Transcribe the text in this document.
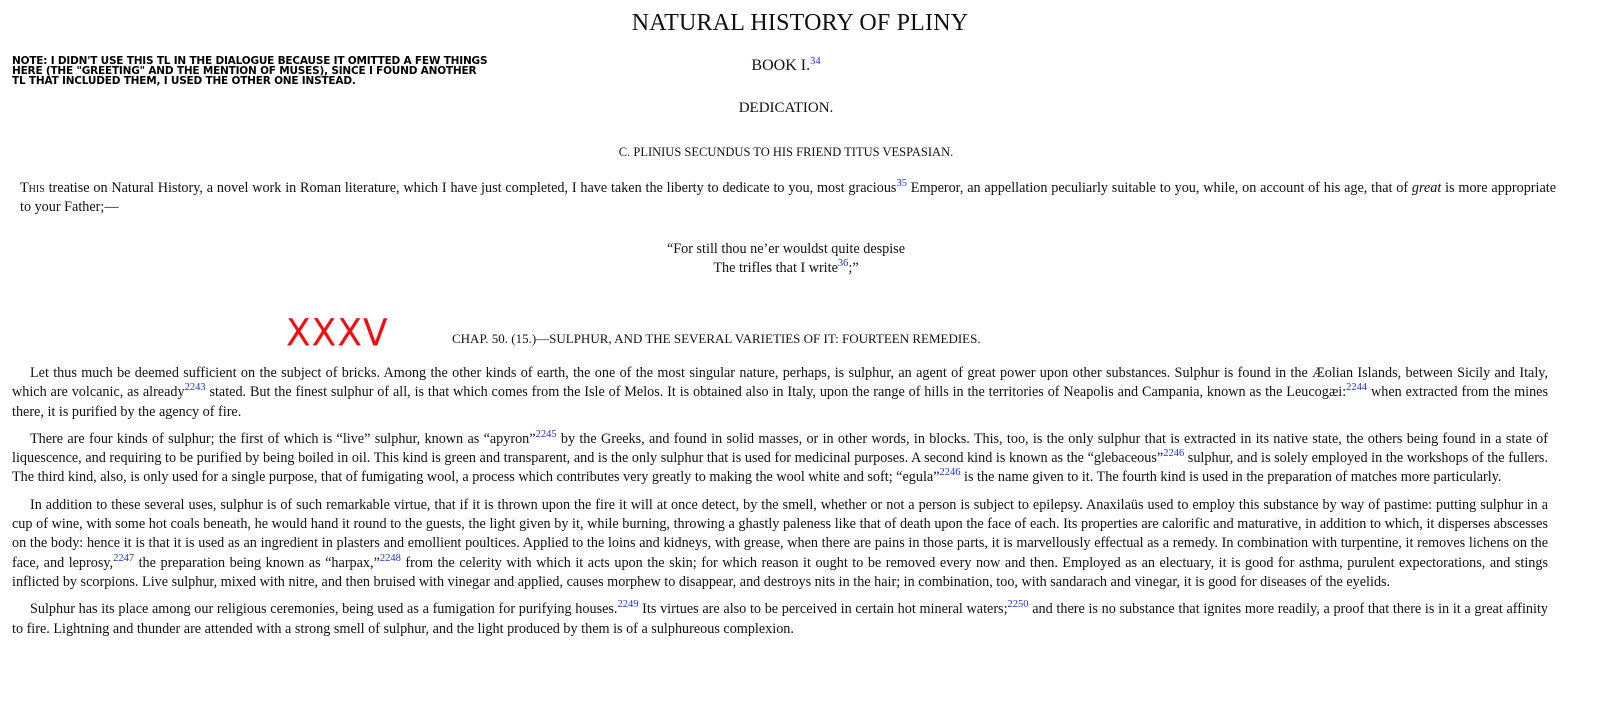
NATURAL HISTORY OF PLINY
NOTE: I DIDN'T USE THIS TL IN THE DIALOGUE BECAUSE IT OMITTED A FEW THINGS
HERE (THE "GREETING" AND THE MENTION OF MUSES), SINCE I FOUND ANOTHER
TL THAT INCLUDED THEM, I USED THE OTHER ONE INSTEAD.
BOOK I.$^{34}$
DEDICATION.
C. PLINIUS SECUNDUS TO HIS FRIEND TITUS VESPASIAN.
This treatise on Natural History, a novel work in Roman literature, which I have just completed, I have taken the liberty to dedicate to you, most gracious$^{35}$ Emperor, an appellation peculiarly suitable to you, while, on account of his age, that of great is more appropriate to your Father;—
“For still thou ne’er wouldst quite despise
The trifles that I write$^{36}$;”
XXXV	CHAP. 50. (15.)—SULPHUR, AND THE SEVERAL VARIETIES OF IT: FOURTEEN REMEDIES.

Let thus much be deemed sufficient on the subject of bricks. Among the other kinds of earth, the one of the most singular nature, perhaps, is sulphur, an agent of great power upon other substances. Sulphur is found in the Æolian Islands, between Sicily and Italy, which are volcanic, as already$^{2243}$ stated. But the finest sulphur of all, is that which comes from the Isle of Melos. It is obtained also in Italy, upon the range of hills in the territories of Neapolis and Campania, known as the Leucogæi:$^{2244}$ when extracted from the mines there, it is purified by the agency of fire.

There are four kinds of sulphur; the first of which is “live” sulphur, known as “apyron”$^{2245}$ by the Greeks, and found in solid masses, or in other words, in blocks. This, too, is the only sulphur that is extracted in its native state, the others being found in a state of liquescence, and requiring to be purified by being boiled in oil. This kind is green and transparent, and is the only sulphur that is used for medicinal purposes. A second kind is known as the “glebaceous”$^{2246}$ sulphur, and is solely employed in the workshops of the fullers. The third kind, also, is only used for a single purpose, that of fumigating wool, a process which contributes very greatly to making the wool white and soft; “egula”$^{2246}$ is the name given to it. The fourth kind is used in the preparation of matches more particularly.

In addition to these several uses, sulphur is of such remarkable virtue, that if it is thrown upon the fire it will at once detect, by the smell, whether or not a person is subject to epilepsy. Anaxilaüs used to employ this substance by way of pastime: putting sulphur in a cup of wine, with some hot coals beneath, he would hand it round to the guests, the light given by it, while burning, throwing a ghastly paleness like that of death upon the face of each. Its properties are calorific and maturative, in addition to which, it disperses abscesses on the body: hence it is that it is used as an ingredient in plasters and emollient poultices. Applied to the loins and kidneys, with grease, when there are pains in those parts, it is marvellously effectual as a remedy. In combination with turpentine, it removes lichens on the face, and leprosy,$^{2247}$ the preparation being known as “harpax,”$^{2248}$ from the celerity with which it acts upon the skin; for which reason it ought to be removed every now and then. Employed as an electuary, it is good for asthma, purulent expectorations, and stings inflicted by scorpions. Live sulphur, mixed with nitre, and then bruised with vinegar and applied, causes morphew to disappear, and destroys nits in the hair; in combination, too, with sandarach and vinegar, it is good for diseases of the eyelids.

Sulphur has its place among our religious ceremonies, being used as a fumigation for purifying houses.$^{2249}$ Its virtues are also to be perceived in certain hot mineral waters;$^{2250}$ and there is no substance that ignites more readily, a proof that there is in it a great affinity to fire. Lightning and thunder are attended with a strong smell of sulphur, and the light produced by them is of a sulphureous complexion.
